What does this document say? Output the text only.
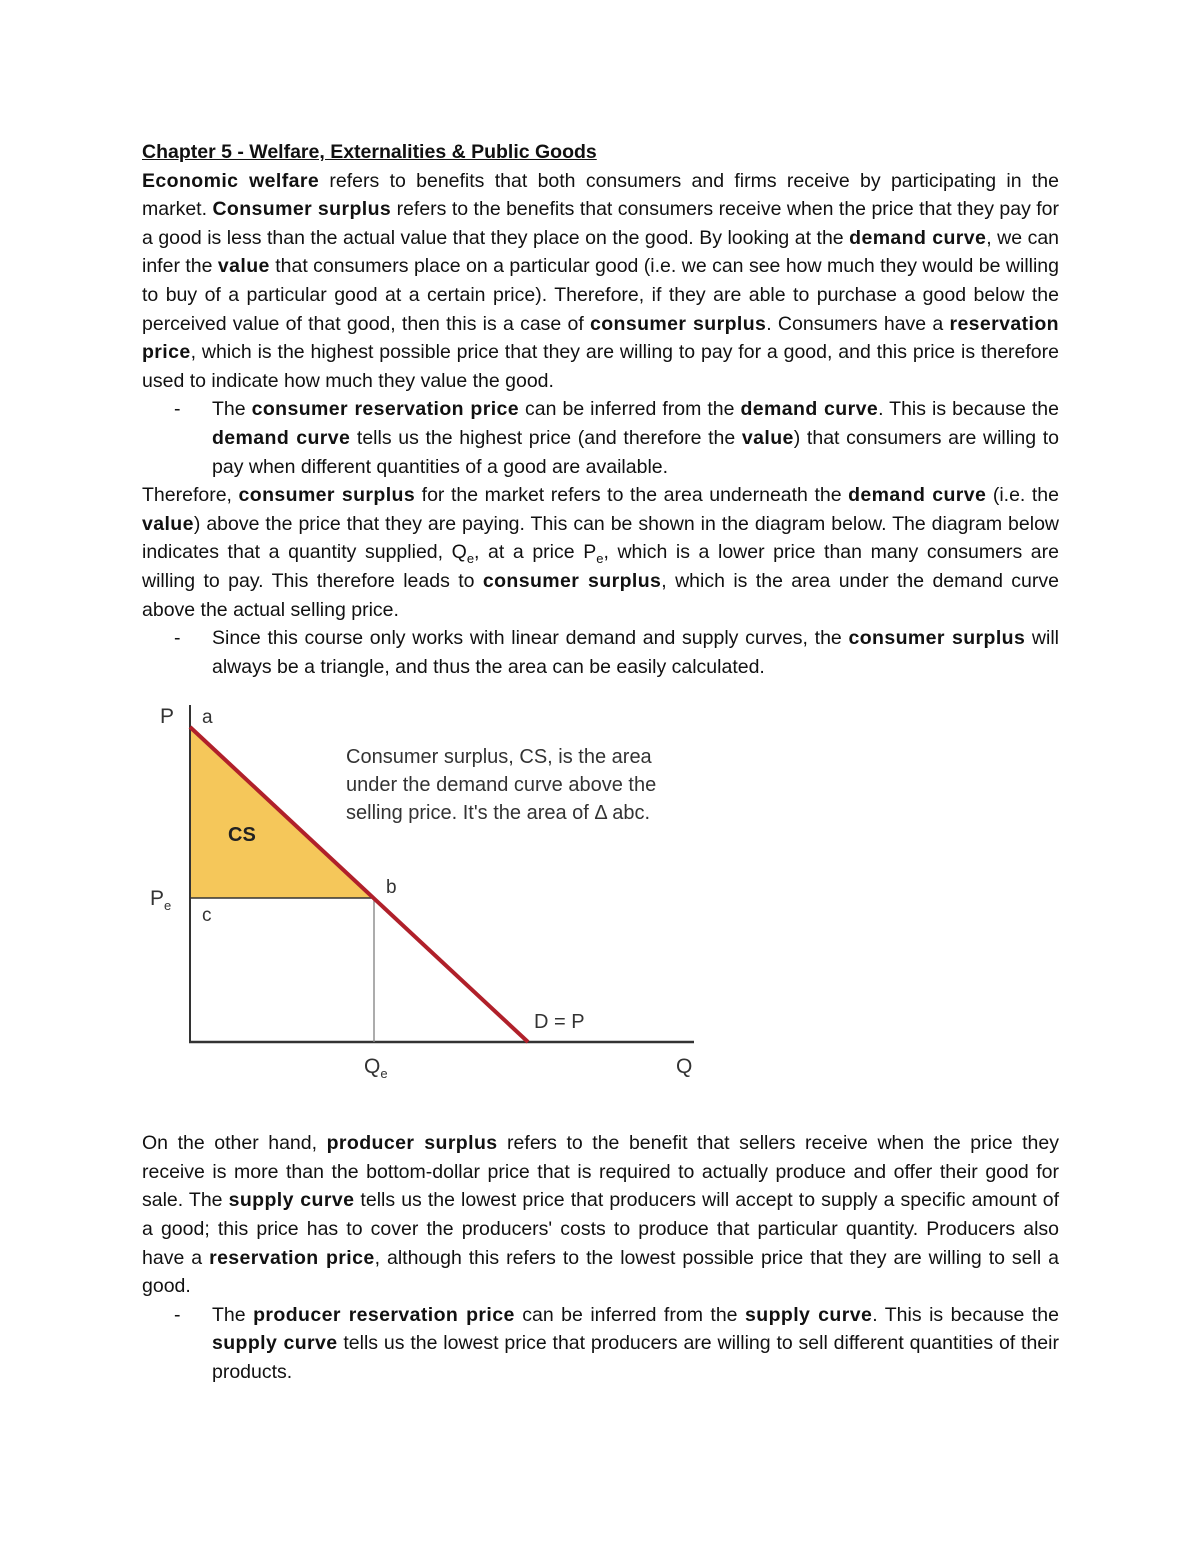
Chapter 5 - Welfare, Externalities & Public Goods

Economic welfare refers to benefits that both consumers and firms receive by participating in the market. Consumer surplus refers to the benefits that consumers receive when the price that they pay for a good is less than the actual value that they place on the good. By looking at the demand curve, we can infer the value that consumers place on a particular good (i.e. we can see how much they would be willing to buy of a particular good at a certain price). Therefore, if they are able to purchase a good below the perceived value of that good, then this is a case of consumer surplus. Consumers have a reservation price, which is the highest possible price that they are willing to pay for a good, and this price is therefore used to indicate how much they value the good.

-	The consumer reservation price can be inferred from the demand curve. This is because the demand curve tells us the highest price (and therefore the value) that consumers are willing to pay when different quantities of a good are available.

Therefore, consumer surplus for the market refers to the area underneath the demand curve (i.e. the value) above the price that they are paying. This can be shown in the diagram below. The diagram below indicates that a quantity supplied, $Q_e$, at a price $P_e$, which is a lower price than many consumers are willing to pay. This therefore leads to consumer surplus, which is the area under the demand curve above the actual selling price.

-	Since this course only works with linear demand and supply curves, the consumer surplus will always be a triangle, and thus the area can be easily calculated.
P a
CS
b
c
$P_e$
$Q_e$	Q
D = P
Consumer surplus, CS, is the area
under the demand curve above the
selling price. It's the area of Δ abc.

On the other hand, producer surplus refers to the benefit that sellers receive when the price they receive is more than the bottom-dollar price that is required to actually produce and offer their good for sale. The supply curve tells us the lowest price that producers will accept to supply a specific amount of a good; this price has to cover the producers' costs to produce that particular quantity. Producers also have a reservation price, although this refers to the lowest possible price that they are willing to sell a good.

-	The producer reservation price can be inferred from the supply curve. This is because the supply curve tells us the lowest price that producers are willing to sell different quantities of their products.
